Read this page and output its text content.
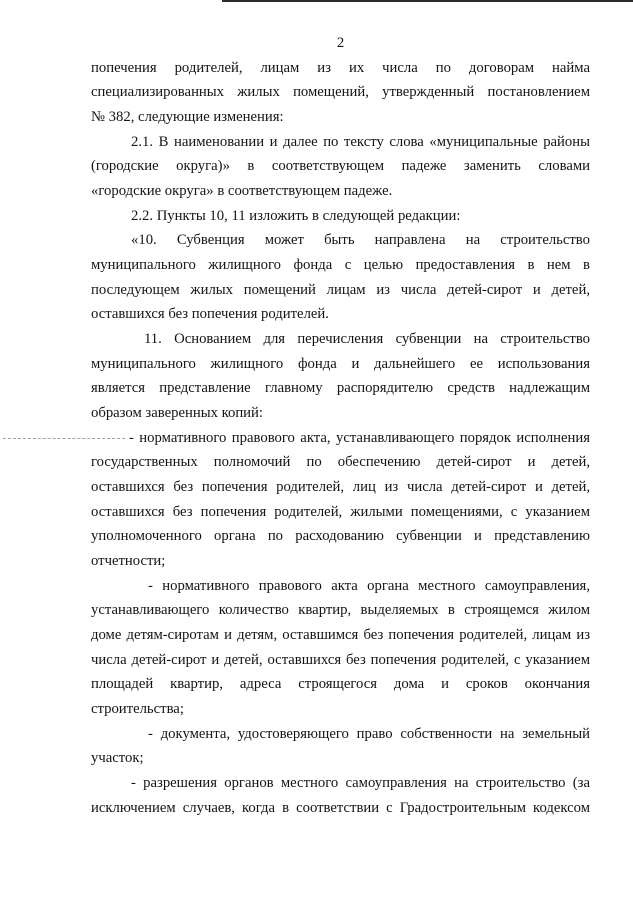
2
попечения родителей, лицам из их числа по договорам найма
специализированных жилых помещений, утвержденный постановлением
№ 382, следующие изменения:
2.1. В наименовании и далее по тексту слова «муниципальные районы
(городские округа)» в соответствующем падеже заменить словами
«городские округа» в соответствующем падеже.
2.2. Пункты 10, 11 изложить в следующей редакции:
«10. Субвенция может быть направлена на строительство
муниципального жилищного фонда с целью предоставления в нем в
последующем жилых помещений лицам из числа детей-сирот и детей,
оставшихся без попечения родителей.
11. Основанием для перечисления субвенции на строительство
муниципального жилищного фонда и дальнейшего ее использования
является представление главному распорядителю средств надлежащим
образом заверенных копий:
- нормативного правового акта, устанавливающего порядок исполнения
государственных полномочий по обеспечению детей-сирот и детей,
оставшихся без попечения родителей, лиц из числа детей-сирот и детей,
оставшихся без попечения родителей, жилыми помещениями, с указанием
уполномоченного органа по расходованию субвенции и представлению
отчетности;
- нормативного правового акта органа местного самоуправления,
устанавливающего количество квартир, выделяемых в строящемся жилом
доме детям-сиротам и детям, оставшимся без попечения родителей, лицам из
числа детей-сирот и детей, оставшихся без попечения родителей, с указанием
площадей квартир, адреса строящегося дома и сроков окончания
строительства;
- документа, удостоверяющего право собственности на земельный
участок;
- разрешения органов местного самоуправления на строительство (за
исключением случаев, когда в соответствии с Градостроительным кодексом
